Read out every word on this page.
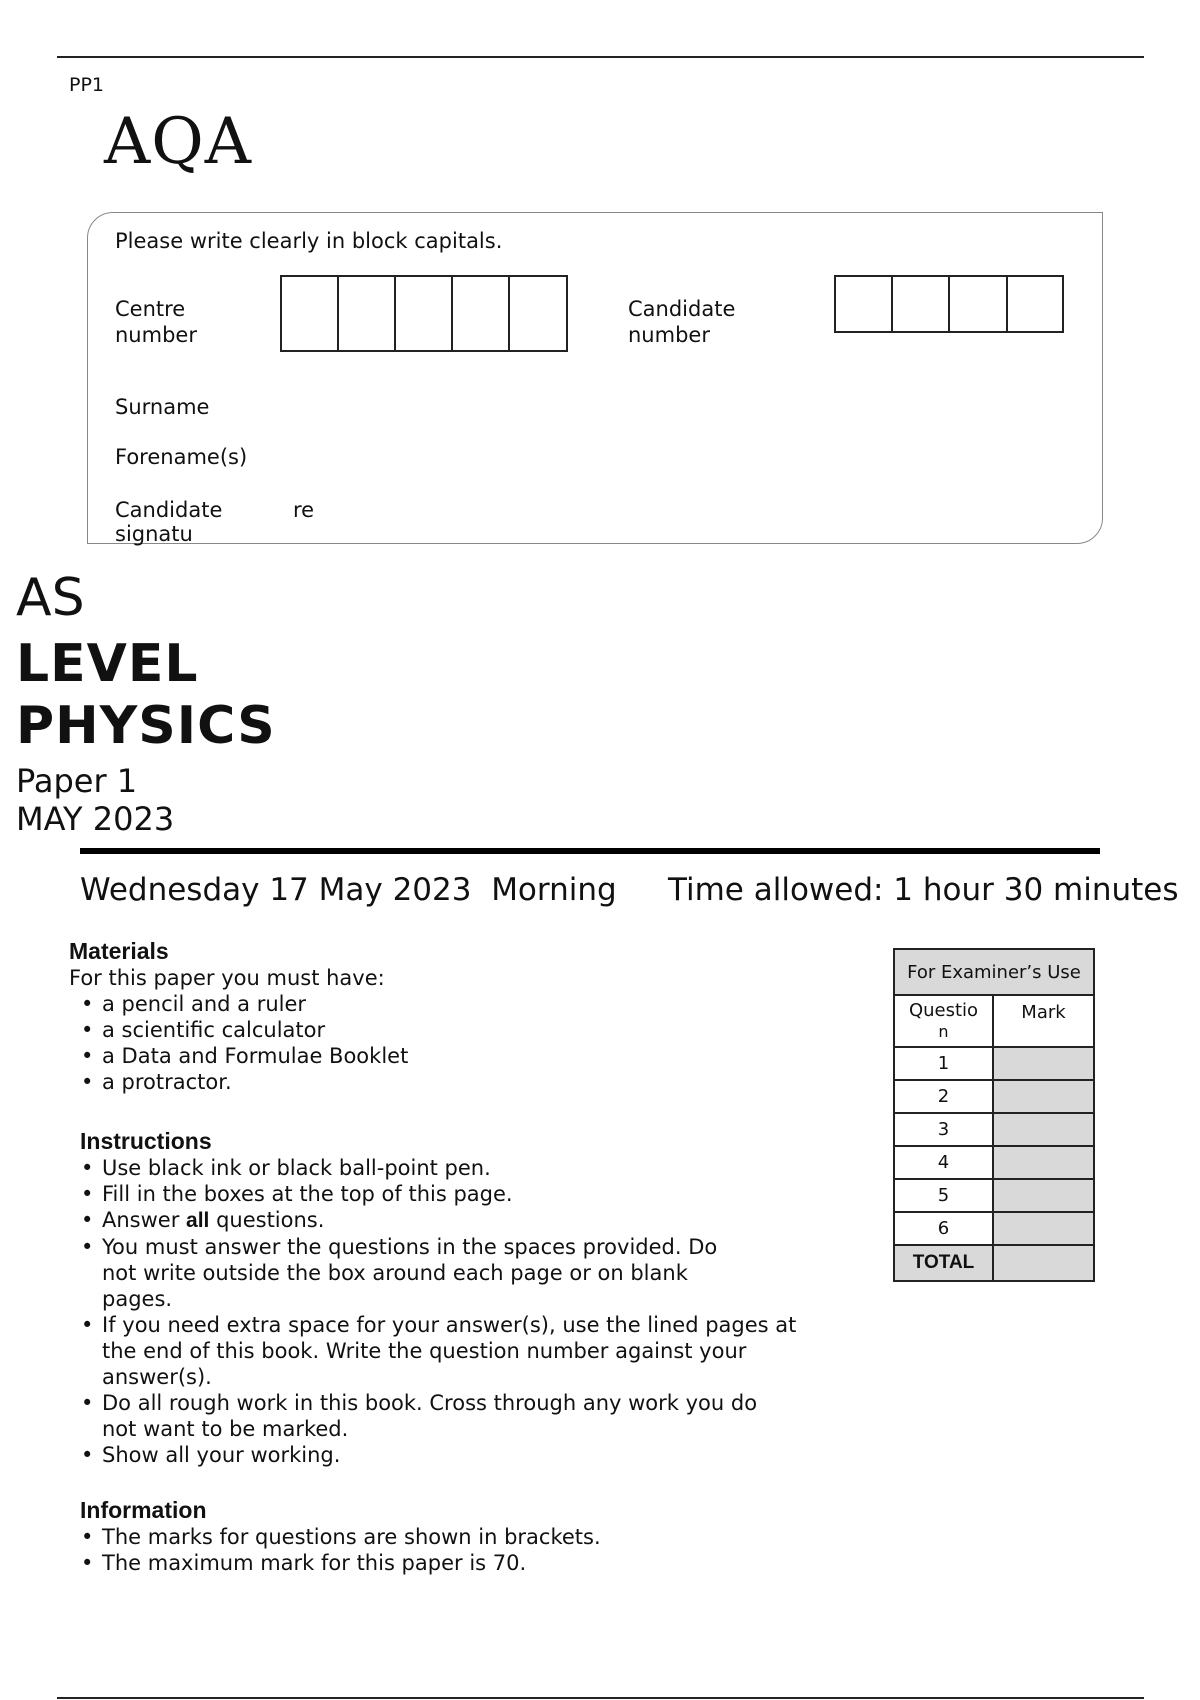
PP1
AQA
Please write clearly in block capitals.
Centre
number
Candidate
number
Surname
Forename(s)
Candidate
signatu
re
AS
LEVEL
PHYSICS
Paper 1
MAY 2023
Wednesday 17 May 2023 Morning Time allowed: 1 hour 30 minutes
Materials
For this paper you must have:
• a pencil and a ruler
• a scientific calculator
• a Data and Formulae Booklet
• a protractor.
Instructions
• Use black ink or black ball-point pen.
• Fill in the boxes at the top of this page.
• Answer all questions.
• You must answer the questions in the spaces provided. Do
not write outside the box around each page or on blank
pages.
• If you need extra space for your answer(s), use the lined pages at
the end of this book. Write the question number against your
answer(s).
• Do all rough work in this book. Cross through any work you do
not want to be marked.
• Show all your working.
Information
• The marks for questions are shown in brackets.
• The maximum mark for this paper is 70.
For Examiner’s Use	

Questio
n	Mark
1	
2	
3	
4	
5	
6	
TOTAL	
